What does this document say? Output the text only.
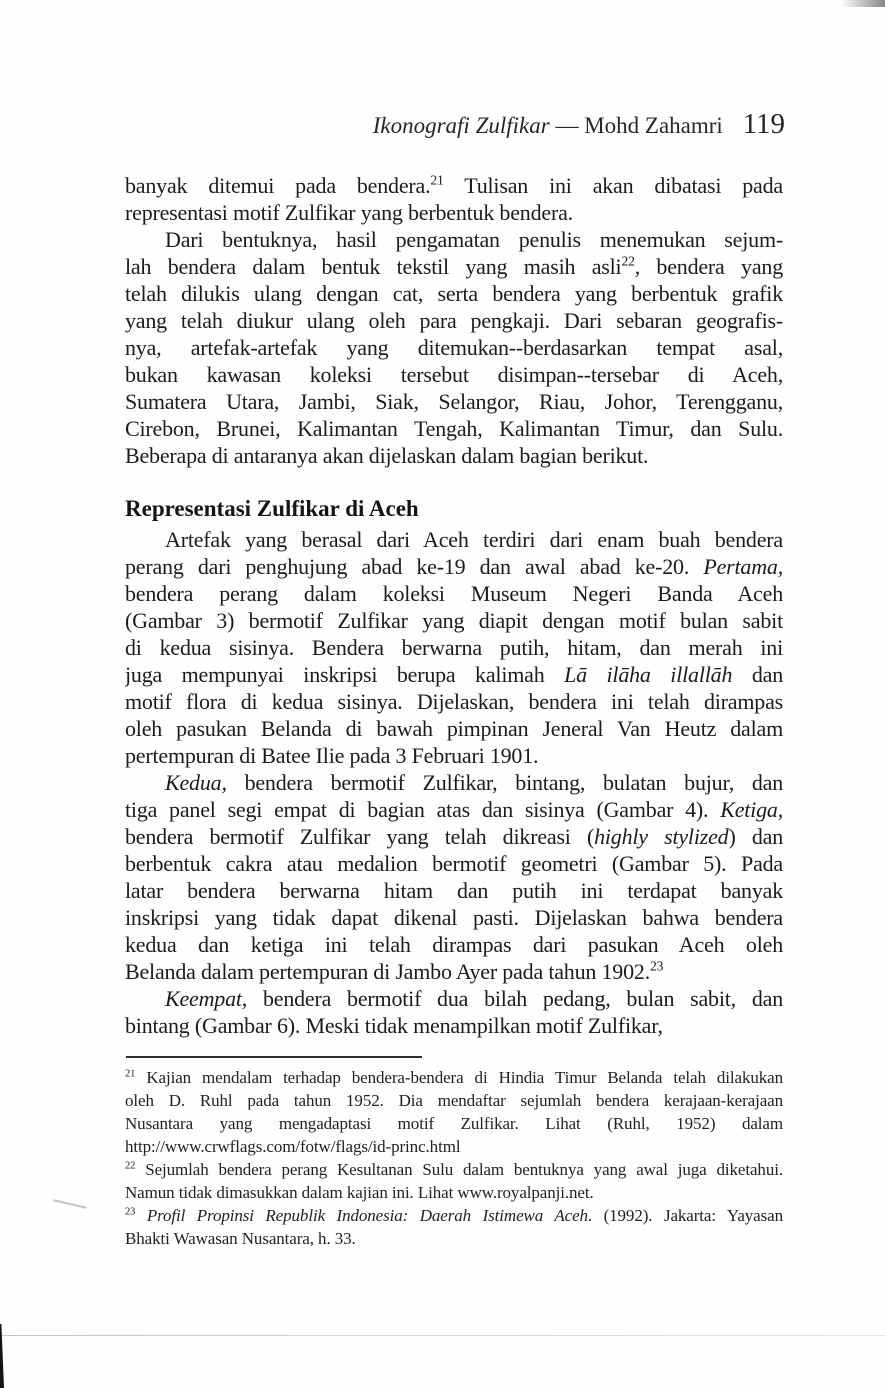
Ikonografi Zulfikar — Mohd Zahamri 119
banyak ditemui pada bendera.$^{21}$ Tulisan ini akan dibatasi pada
representasi motif Zulfikar yang berbentuk bendera.
Dari bentuknya, hasil pengamatan penulis menemukan sejum-
lah bendera dalam bentuk tekstil yang masih asli$^{22}$, bendera yang
telah dilukis ulang dengan cat, serta bendera yang berbentuk grafik
yang telah diukur ulang oleh para pengkaji. Dari sebaran geografis-
nya, artefak-artefak yang ditemukan--berdasarkan tempat asal,
bukan kawasan koleksi tersebut disimpan--tersebar di Aceh,
Sumatera Utara, Jambi, Siak, Selangor, Riau, Johor, Terengganu,
Cirebon, Brunei, Kalimantan Tengah, Kalimantan Timur, dan Sulu.
Beberapa di antaranya akan dijelaskan dalam bagian berikut.
Representasi Zulfikar di Aceh
Artefak yang berasal dari Aceh terdiri dari enam buah bendera
perang dari penghujung abad ke-19 dan awal abad ke-20. Pertama,
bendera perang dalam koleksi Museum Negeri Banda Aceh
(Gambar 3) bermotif Zulfikar yang diapit dengan motif bulan sabit
di kedua sisinya. Bendera berwarna putih, hitam, dan merah ini
juga mempunyai inskripsi berupa kalimah Lā ilāha illallāh dan
motif flora di kedua sisinya. Dijelaskan, bendera ini telah dirampas
oleh pasukan Belanda di bawah pimpinan Jeneral Van Heutz dalam
pertempuran di Batee Ilie pada 3 Februari 1901.
Kedua, bendera bermotif Zulfikar, bintang, bulatan bujur, dan
tiga panel segi empat di bagian atas dan sisinya (Gambar 4). Ketiga,
bendera bermotif Zulfikar yang telah dikreasi (highly stylized) dan
berbentuk cakra atau medalion bermotif geometri (Gambar 5). Pada
latar bendera berwarna hitam dan putih ini terdapat banyak
inskripsi yang tidak dapat dikenal pasti. Dijelaskan bahwa bendera
kedua dan ketiga ini telah dirampas dari pasukan Aceh oleh
Belanda dalam pertempuran di Jambo Ayer pada tahun 1902.23
Keempat, bendera bermotif dua bilah pedang, bulan sabit, dan
bintang (Gambar 6). Meski tidak menampilkan motif Zulfikar,
$^{21}$ Kajian mendalam terhadap bendera-bendera di Hindia Timur Belanda telah dilakukan
oleh D. Ruhl pada tahun 1952. Dia mendaftar sejumlah bendera kerajaan-kerajaan
Nusantara yang mengadaptasi motif Zulfikar. Lihat (Ruhl, 1952) dalam
http://www.crwflags.com/fotw/flags/id-princ.html
$^{22}$ Sejumlah bendera perang Kesultanan Sulu dalam bentuknya yang awal juga diketahui.
Namun tidak dimasukkan dalam kajian ini. Lihat www.royalpanji.net.
$^{23}$ Profil Propinsi Republik Indonesia: Daerah Istimewa Aceh. (1992). Jakarta: Yayasan
Bhakti Wawasan Nusantara, h. 33.
